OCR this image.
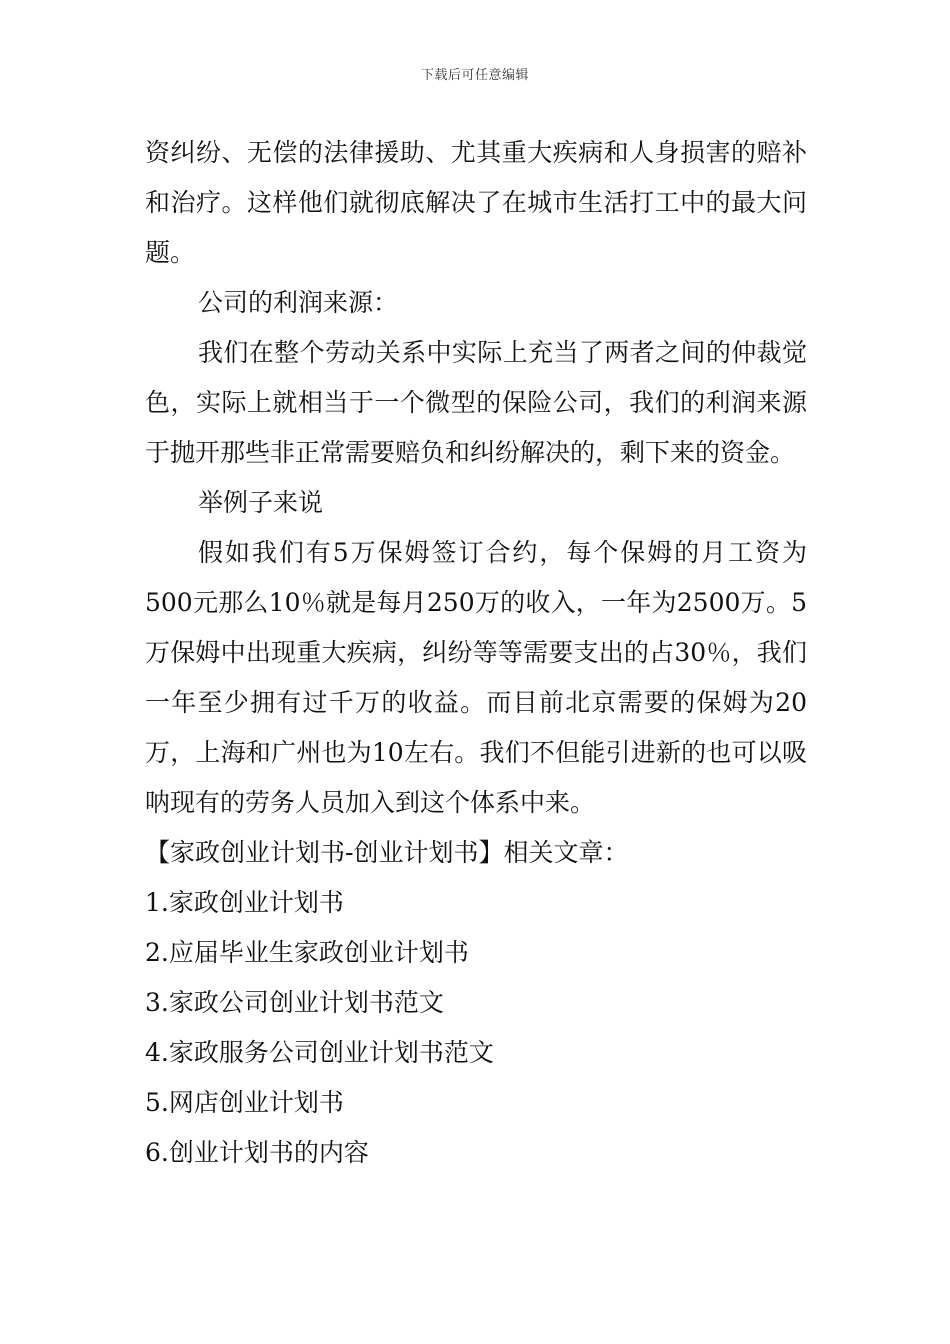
下载后可任意编辑

资纠纷、无偿的法律援助、尤其重大疾病和人身损害的赔补和治疗。这样他们就彻底解决了在城市生活打工中的最大问题。

公司的利润来源：

我们在整个劳动关系中实际上充当了两者之间的仲裁觉色，实际上就相当于一个微型的保险公司，我们的利润来源于抛开那些非正常需要赔负和纠纷解决的，剩下来的资金。

举例子来说

假如我们有5万保姆签订合约，每个保姆的月工资为500元那么10％就是每月250万的收入，一年为2500万。5万保姆中出现重大疾病，纠纷等等需要支出的占30％，我们一年至少拥有过千万的收益。而目前北京需要的保姆为20万，上海和广州也为10左右。我们不但能引进新的也可以吸呐现有的劳务人员加入到这个体系中来。

【家政创业计划书-创业计划书】相关文章：

1.家政创业计划书
2.应届毕业生家政创业计划书
3.家政公司创业计划书范文
4.家政服务公司创业计划书范文
5.网店创业计划书
6.创业计划书的内容
